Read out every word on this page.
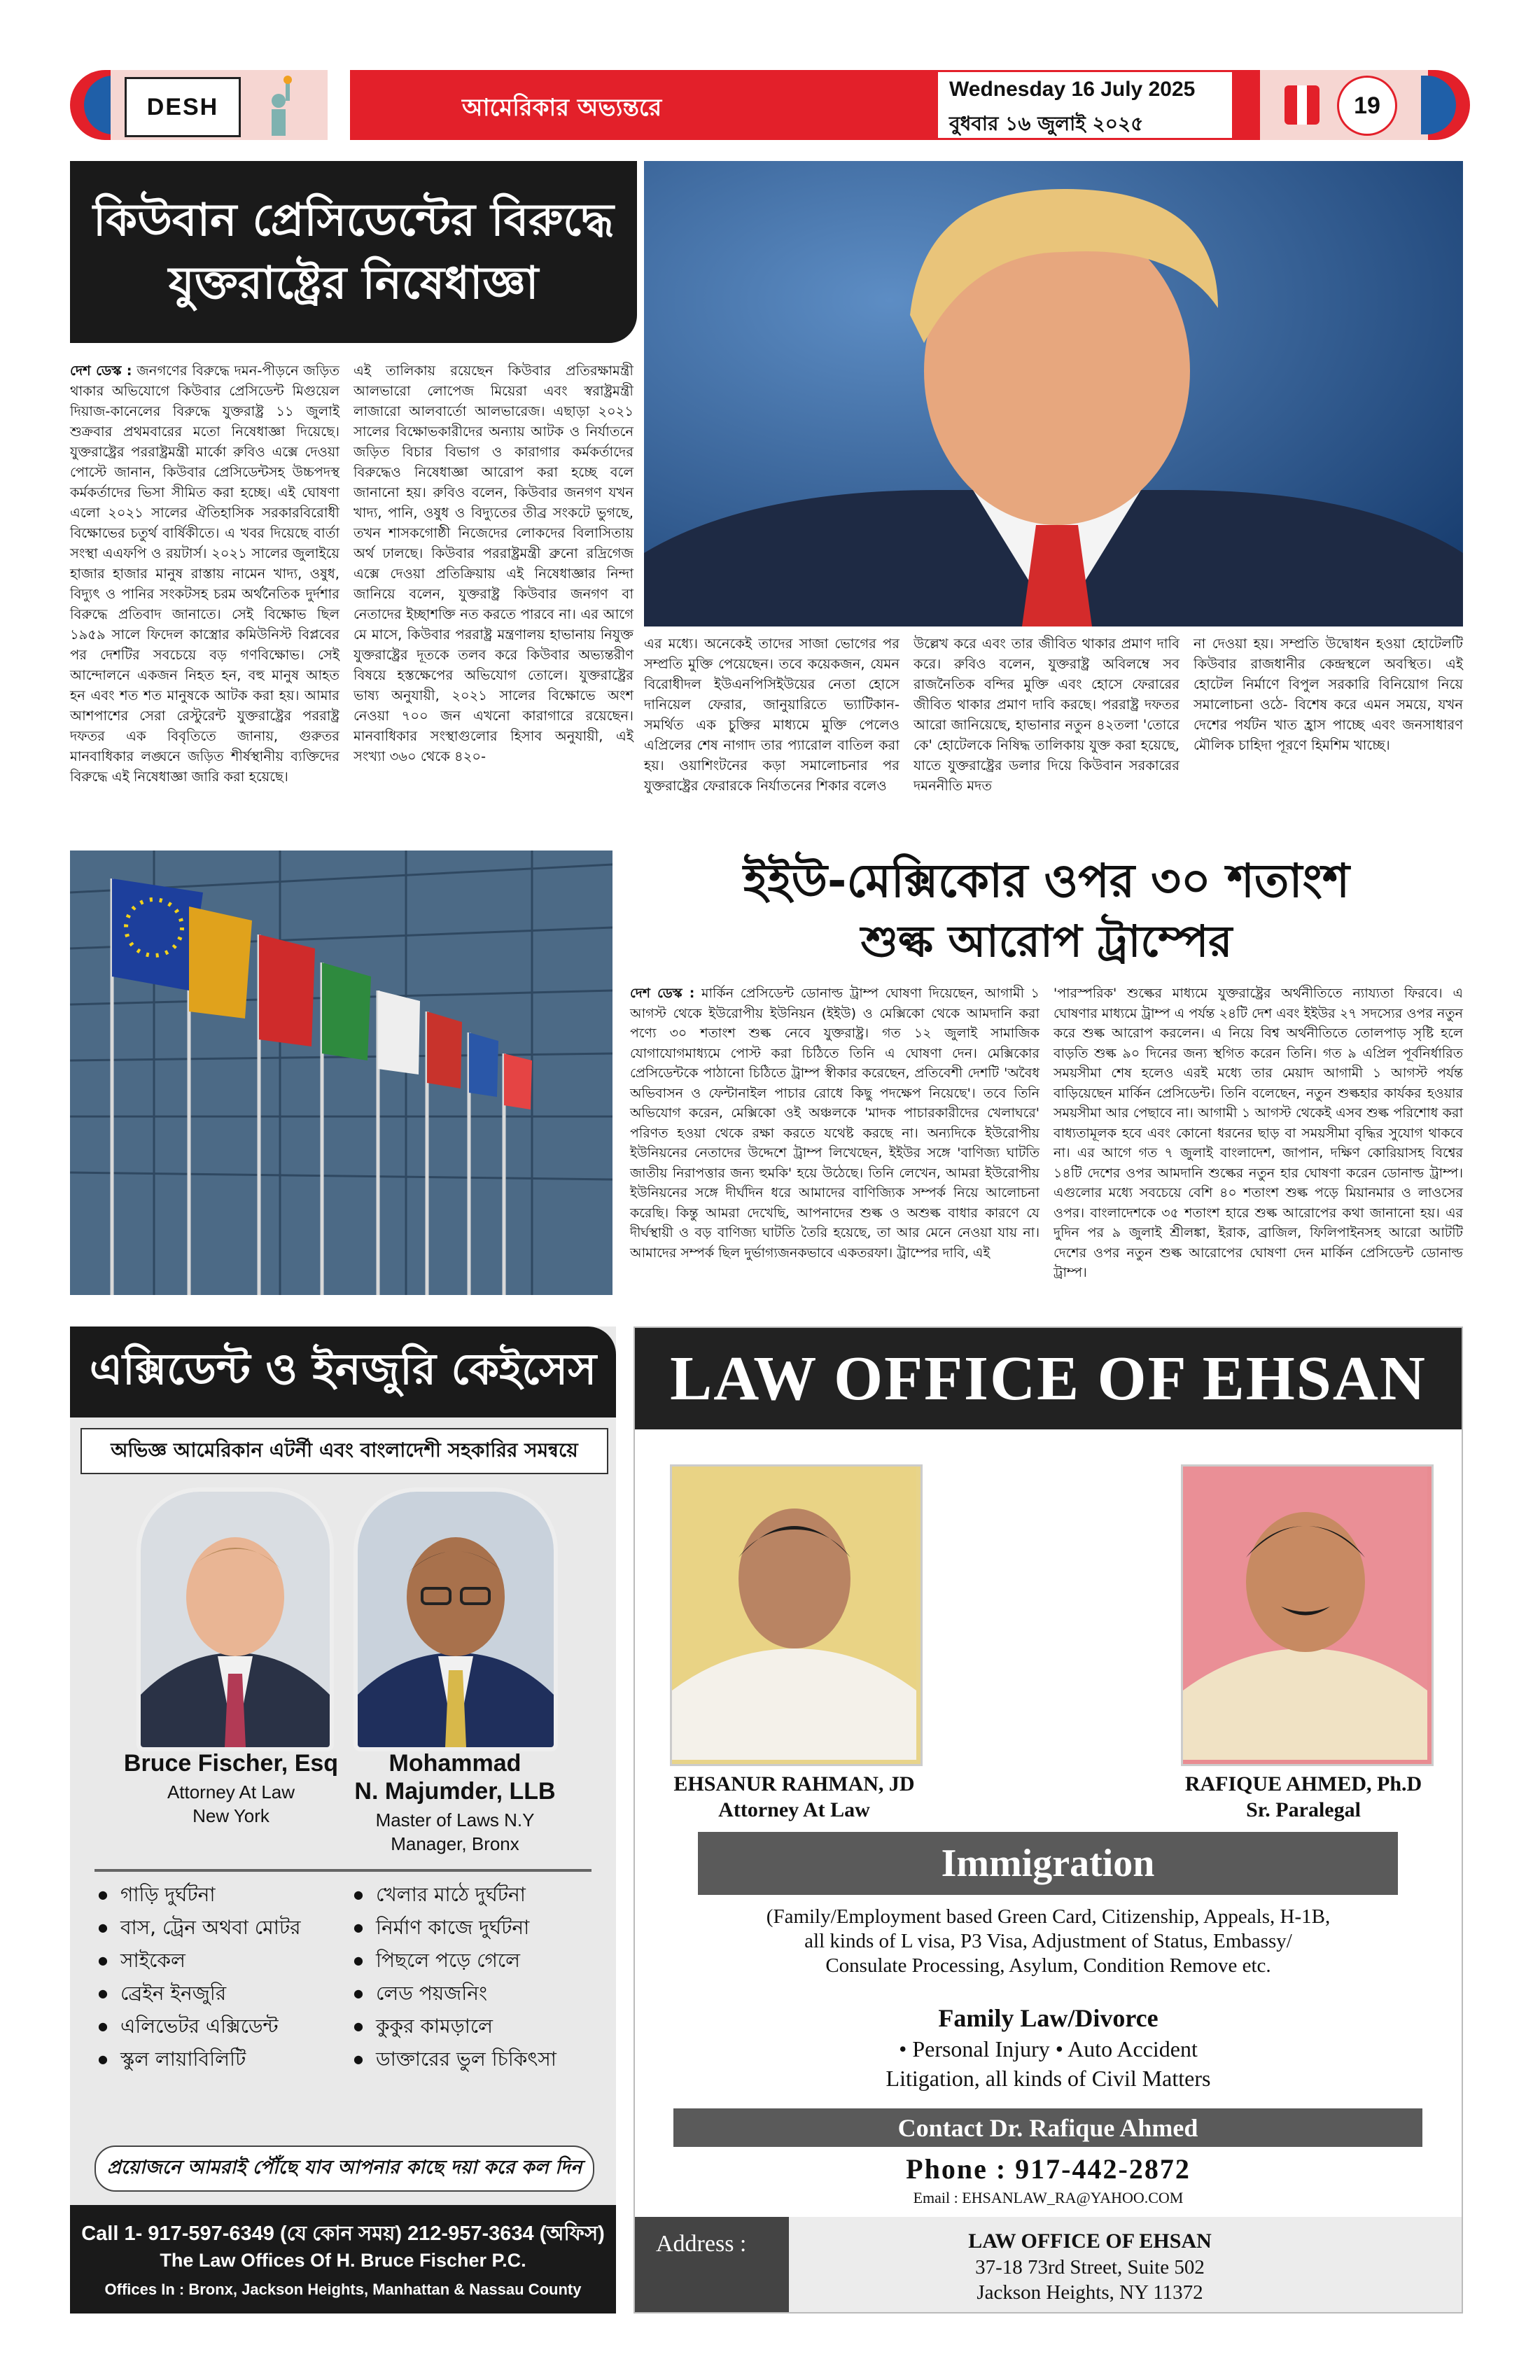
DESH	আমেরিকার অভ্যন্তরে
Wednesday 16 July 2025
বুধবার ১৬ জুলাই ২০২৫
19
কিউবান প্রেসিডেন্টের বিরুদ্ধে
যুক্তরাষ্ট্রের নিষেধাজ্ঞা
দেশ ডেস্ক : জনগণের বিরুদ্ধে দমন-পীড়নে জড়িত থাকার অভিযোগে কিউবার প্রেসিডেন্ট মিগুয়েল দিয়াজ-কানেলের বিরুদ্ধে যুক্তরাষ্ট্র ১১ জুলাই শুক্রবার প্রথমবারের মতো নিষেধাজ্ঞা দিয়েছে। যুক্তরাষ্ট্রের পররাষ্ট্রমন্ত্রী মার্কো রুবিও এক্সে দেওয়া পোস্টে জানান, কিউবার প্রেসিডেন্টসহ উচ্চপদস্থ কর্মকর্তাদের ভিসা সীমিত করা হচ্ছে। এই ঘোষণা এলো ২০২১ সালের ঐতিহাসিক সরকারবিরোধী বিক্ষোভের চতুর্থ বার্ষিকীতে। এ খবর দিয়েছে বার্তা সংস্থা এএফপি ও রয়টার্স। ২০২১ সালের জুলাইয়ে হাজার হাজার মানুষ রাস্তায় নামেন খাদ্য, ওষুধ, বিদ্যুৎ ও পানির সংকটসহ চরম অর্থনৈতিক দুর্দশার বিরুদ্ধে প্রতিবাদ জানাতে। সেই বিক্ষোভ ছিল ১৯৫৯ সালে ফিদেল কাস্ত্রোর কমিউনিস্ট বিপ্লবের পর দেশটির সবচেয়ে বড় গণবিক্ষোভ। সেই আন্দোলনে একজন নিহত হন, বহু মানুষ আহত হন এবং শত শত মানুষকে আটক করা হয়। আমার আশপাশের সেরা রেস্টুরেন্ট যুক্তরাষ্ট্রের পররাষ্ট্র দফতর এক বিবৃতিতে জানায়, গুরুতর মানবাধিকার লঙ্ঘনে জড়িত শীর্ষস্থানীয় ব্যক্তিদের বিরুদ্ধে এই নিষেধাজ্ঞা জারি করা হয়েছে।
এই তালিকায় রয়েছেন কিউবার প্রতিরক্ষামন্ত্রী আলভারো লোপেজ মিয়েরা এবং স্বরাষ্ট্রমন্ত্রী লাজারো আলবার্তো আলভারেজ। এছাড়া ২০২১ সালের বিক্ষোভকারীদের অন্যায় আটক ও নির্যাতনে জড়িত বিচার বিভাগ ও কারাগার কর্মকর্তাদের বিরুদ্ধেও নিষেধাজ্ঞা আরোপ করা হচ্ছে বলে জানানো হয়। রুবিও বলেন, কিউবার জনগণ যখন খাদ্য, পানি, ওষুধ ও বিদ্যুতের তীব্র সংকটে ভুগছে, তখন শাসকগোষ্ঠী নিজেদের লোকদের বিলাসিতায় অর্থ ঢালছে। কিউবার পররাষ্ট্রমন্ত্রী ব্রুনো রদ্রিগেজ এক্সে দেওয়া প্রতিক্রিয়ায় এই নিষেধাজ্ঞার নিন্দা জানিয়ে বলেন, যুক্তরাষ্ট্র কিউবার জনগণ বা নেতাদের ইচ্ছাশক্তি নত করতে পারবে না। এর আগে মে মাসে, কিউবার পররাষ্ট্র মন্ত্রণালয় হাভানায় নিযুক্ত যুক্তরাষ্ট্রের দূতকে তলব করে কিউবার অভ্যন্তরীণ বিষয়ে হস্তক্ষেপের অভিযোগ তোলে। যুক্তরাষ্ট্রের ভাষ্য অনুযায়ী, ২০২১ সালের বিক্ষোভে অংশ নেওয়া ৭০০ জন এখনো কারাগারে রয়েছেন। মানবাধিকার সংস্থাগুলোর হিসাব অনুযায়ী, এই সংখ্যা ৩৬০ থেকে ৪২০-
এর মধ্যে। অনেকেই তাদের সাজা ভোগের পর সম্প্রতি মুক্তি পেয়েছেন। তবে কয়েকজন, যেমন বিরোধীদল ইউএনপিসিইউয়ের নেতা হোসে দানিয়েল ফেরার, জানুয়ারিতে ভ্যাটিকান-সমর্থিত এক চুক্তির মাধ্যমে মুক্তি পেলেও এপ্রিলের শেষ নাগাদ তার প্যারোল বাতিল করা হয়। ওয়াশিংটনের কড়া সমালোচনার পর যুক্তরাষ্ট্রের ফেরারকে নির্যাতনের শিকার বলেও
উল্লেখ করে এবং তার জীবিত থাকার প্রমাণ দাবি করে। রুবিও বলেন, যুক্তরাষ্ট্র অবিলম্বে সব রাজনৈতিক বন্দির মুক্তি এবং হোসে ফেরারের জীবিত থাকার প্রমাণ দাবি করছে। পররাষ্ট্র দফতর আরো জানিয়েছে, হাভানার নতুন ৪২তলা 'তোরে কে' হোটেলকে নিষিদ্ধ তালিকায় যুক্ত করা হয়েছে, যাতে যুক্তরাষ্ট্রের ডলার দিয়ে কিউবান সরকারের দমননীতি মদত
না দেওয়া হয়। সম্প্রতি উদ্বোধন হওয়া হোটেলটি কিউবার রাজধানীর কেন্দ্রস্থলে অবস্থিত। এই হোটেল নির্মাণে বিপুল সরকারি বিনিয়োগ নিয়ে সমালোচনা ওঠে- বিশেষ করে এমন সময়ে, যখন দেশের পর্যটন খাত হ্রাস পাচ্ছে এবং জনসাধারণ মৌলিক চাহিদা পূরণে হিমশিম খাচ্ছে।
ইইউ-মেক্সিকোর ওপর ৩০ শতাংশ
শুল্ক আরোপ ট্রাম্পের
দেশ ডেস্ক : মার্কিন প্রেসিডেন্ট ডোনাল্ড ট্রাম্প ঘোষণা দিয়েছেন, আগামী ১ আগস্ট থেকে ইউরোপীয় ইউনিয়ন (ইইউ) ও মেক্সিকো থেকে আমদানি করা পণ্যে ৩০ শতাংশ শুল্ক নেবে যুক্তরাষ্ট্র। গত ১২ জুলাই সামাজিক যোগাযোগমাধ্যমে পোস্ট করা চিঠিতে তিনি এ ঘোষণা দেন। মেক্সিকোর প্রেসিডেন্টকে পাঠানো চিঠিতে ট্রাম্প স্বীকার করেছেন, প্রতিবেশী দেশটি 'অবৈধ অভিবাসন ও ফেন্টানাইল পাচার রোধে কিছু পদক্ষেপ নিয়েছে'। তবে তিনি অভিযোগ করেন, মেক্সিকো ওই অঞ্চলকে 'মাদক পাচারকারীদের খেলাঘরে' পরিণত হওয়া থেকে রক্ষা করতে যথেষ্ট করছে না। অন্যদিকে ইউরোপীয় ইউনিয়নের নেতাদের উদ্দেশে ট্রাম্প লিখেছেন, ইইউর সঙ্গে 'বাণিজ্য ঘাটতি জাতীয় নিরাপত্তার জন্য হুমকি' হয়ে উঠেছে। তিনি লেখেন, আমরা ইউরোপীয় ইউনিয়নের সঙ্গে দীর্ঘদিন ধরে আমাদের বাণিজ্যিক সম্পর্ক নিয়ে আলোচনা করেছি। কিন্তু আমরা দেখেছি, আপনাদের শুল্ক ও অশুল্ক বাধার কারণে যে দীর্ঘস্থায়ী ও বড় বাণিজ্য ঘাটতি তৈরি হয়েছে, তা আর মেনে নেওয়া যায় না। আমাদের সম্পর্ক ছিল দুর্ভাগ্যজনকভাবে একতরফা। ট্রাম্পের দাবি, এই
'পারস্পরিক' শুল্কের মাধ্যমে যুক্তরাষ্ট্রের অর্থনীতিতে ন্যায্যতা ফিরবে। এ ঘোষণার মাধ্যমে ট্রাম্প এ পর্যন্ত ২৪টি দেশ এবং ইইউর ২৭ সদস্যের ওপর নতুন করে শুল্ক আরোপ করলেন। এ নিয়ে বিশ্ব অর্থনীতিতে তোলপাড় সৃষ্টি হলে বাড়তি শুল্ক ৯০ দিনের জন্য স্থগিত করেন তিনি। গত ৯ এপ্রিল পূর্বনির্ধারিত সময়সীমা শেষ হলেও এরই মধ্যে তার মেয়াদ আগামী ১ আগস্ট পর্যন্ত বাড়িয়েছেন মার্কিন প্রেসিডেন্ট। তিনি বলেছেন, নতুন শুল্কহার কার্যকর হওয়ার সময়সীমা আর পেছাবে না। আগামী ১ আগস্ট থেকেই এসব শুল্ক পরিশোধ করা বাধ্যতামূলক হবে এবং কোনো ধরনের ছাড় বা সময়সীমা বৃদ্ধির সুযোগ থাকবে না। এর আগে গত ৭ জুলাই বাংলাদেশ, জাপান, দক্ষিণ কোরিয়াসহ বিশ্বের ১৪টি দেশের ওপর আমদানি শুল্কের নতুন হার ঘোষণা করেন ডোনাল্ড ট্রাম্প। এগুলোর মধ্যে সবচেয়ে বেশি ৪০ শতাংশ শুল্ক পড়ে মিয়ানমার ও লাওসের ওপর। বাংলাদেশকে ৩৫ শতাংশ হারে শুল্ক আরোপের কথা জানানো হয়। এর দুদিন পর ৯ জুলাই শ্রীলঙ্কা, ইরাক, ব্রাজিল, ফিলিপাইনসহ আরো আটটি দেশের ওপর নতুন শুল্ক আরোপের ঘোষণা দেন মার্কিন প্রেসিডেন্ট ডোনাল্ড ট্রাম্প।
এক্সিডেন্ট ও ইনজুরি কেইসেস
অভিজ্ঞ আমেরিকান এটর্নী এবং বাংলাদেশী সহকারির সমন্বয়ে
Bruce Fischer, Esq
Attorney At Law
New York
Mohammad
N. Majumder, LLB
Master of Laws N.Y
Manager, Bronx
● গাড়ি দুর্ঘটনা
● বাস, ট্রেন অথবা মোটর
● সাইকেল
● ব্রেইন ইনজুরি
● এলিভেটর এক্সিডেন্ট
● স্কুল লায়াবিলিটি
● খেলার মাঠে দুর্ঘটনা
● নির্মাণ কাজে দুর্ঘটনা
● পিছলে পড়ে গেলে
● লেড পয়জনিং
● কুকুর কামড়ালে
● ডাক্তারের ভুল চিকিৎসা
প্রয়োজনে আমরাই পৌঁছে যাব আপনার কাছে দয়া করে কল দিন
Call 1- 917-597-6349 (যে কোন সময়) 212-957-3634 (অফিস)
The Law Offices Of H. Bruce Fischer P.C.
Offices In : Bronx, Jackson Heights, Manhattan & Nassau County
LAW OFFICE OF EHSAN
EHSANUR RAHMAN, JD
Attorney At Law
RAFIQUE AHMED, Ph.D
Sr. Paralegal
Immigration
(Family/Employment based Green Card, Citizenship, Appeals, H-1B,
all kinds of L visa, P3 Visa, Adjustment of Status, Embassy/
Consulate Processing, Asylum, Condition Remove etc.
Family Law/Divorce
• Personal Injury • Auto Accident
Litigation, all kinds of Civil Matters
Contact Dr. Rafique Ahmed
Phone : 917-442-2872
Email : EHSANLAW_RA@YAHOO.COM
Address :	LAW OFFICE OF EHSAN
37-18 73rd Street, Suite 502
Jackson Heights, NY 11372
